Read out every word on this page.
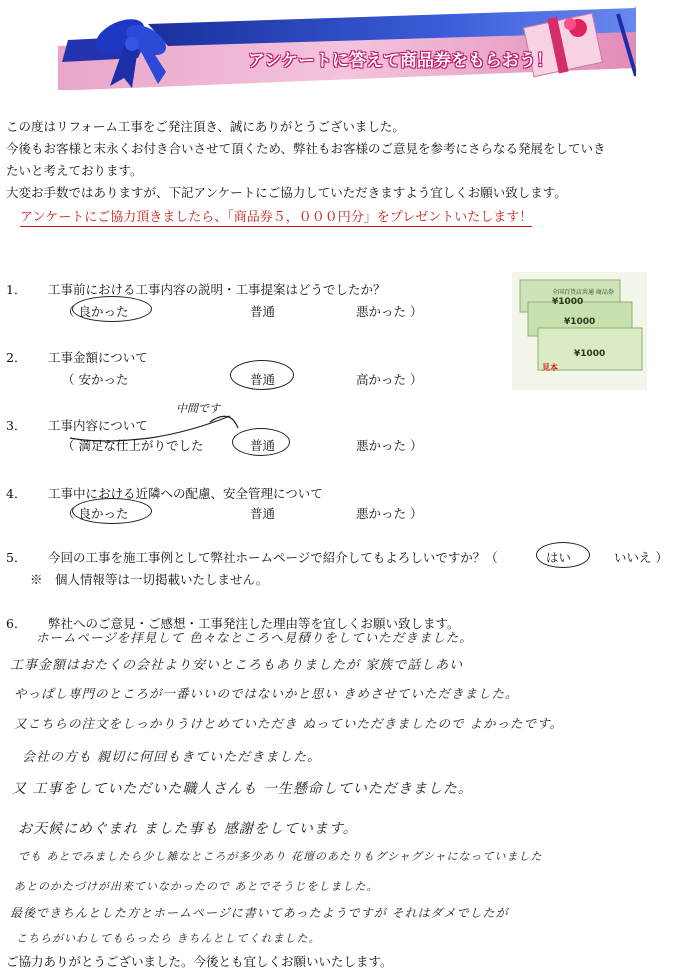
アンケートに答えて商品券をもらおう！

この度はリフォーム工事をご発注頂き、誠にありがとうございました。

今後もお客様と末永くお付き合いさせて頂くため、弊社もお客様のご意見を参考にさらなる発展をしていき

たいと考えております。

大変お手数ではありますが、下記アンケートにご協力していただきますよう宜しくお願い致します。

アンケートにご協力頂きましたら、「商品券５，０００円分」をプレゼントいたします！
全国百貨店共通 商品券
¥1000
¥1000
¥1000
見本
1．	工事前における工事内容の説明・工事提案はどうでしたか？
（ 良かった	普通	悪かった ）
2．	工事金額について
（ 安かった	普通	高かった ）
3．	工事内容について
中間です
（ 満足な仕上がりでした	普通	悪かった ）
4．	工事中における近隣への配慮、安全管理について
（ 良かった	普通	悪かった ）
5．	今回の工事を施工事例として弊社ホームページで紹介してもよろしいですか？（	はい	いいえ ）
※　個人情報等は一切掲載いたしません。
6．	弊社へのご意見・ご感想・工事発注した理由等を宜しくお願い致します。
ホームページを拝見して 色々なところへ見積りをしていただきました。
工事金額はおたくの会社より安いところもありましたが 家族で話しあい
やっぱし専門のところが一番いいのではないかと思い きめさせていただきました。
又こちらの注文をしっかりうけとめていただき ぬっていただきましたので よかったです。
会社の方も 親切に何回もきていただきました。
又 工事をしていただいた職人さんも 一生懸命していただきました。
お天候にめぐまれ ました事も 感謝をしています。
でも あとでみましたら少し雑なところが多少あり 花壇のあたりもグシャグシャになっていました
あとのかたづけが出来ていなかったので あとでそうじをしました。
最後できちんとした方とホームページに書いてあったようですが それはダメでしたが
こちらがいわしてもらったら きちんとしてくれました。
ご協力ありがとうございました。今後とも宜しくお願いいたします。
